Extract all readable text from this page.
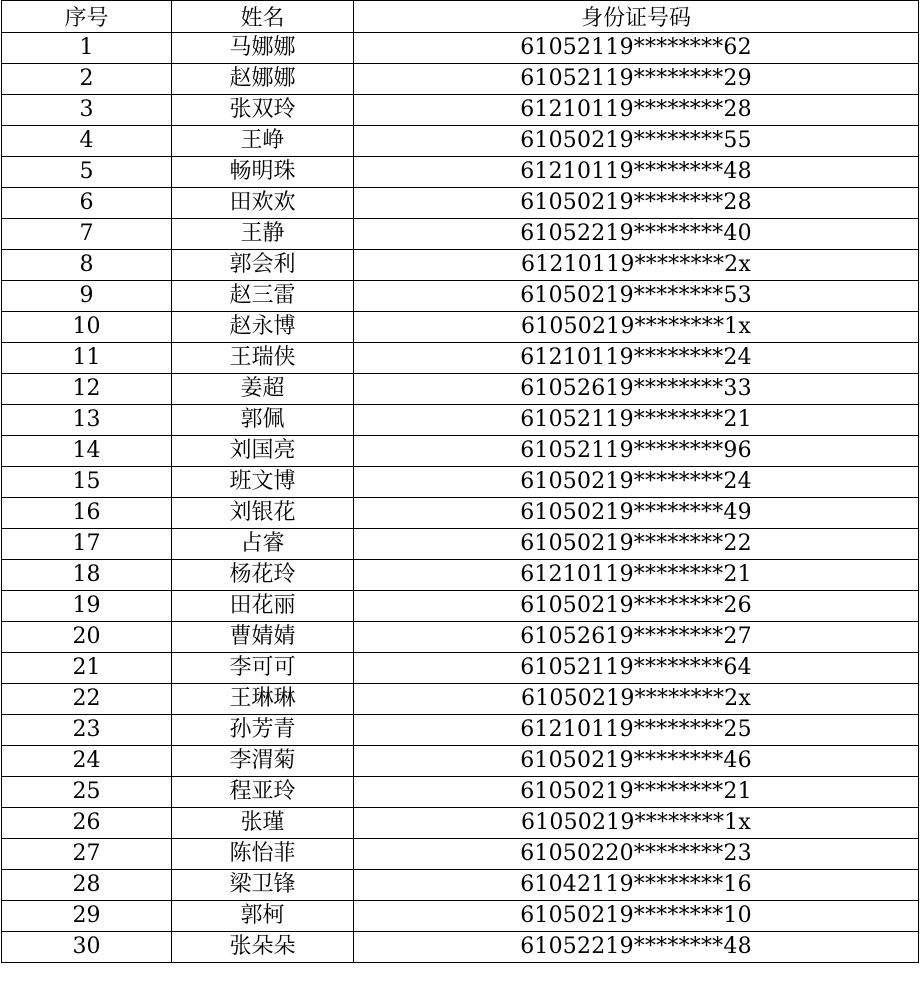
序号	姓名	身份证号码
1	马娜娜	61052119********62
2	赵娜娜	61052119********29
3	张双玲	61210119********28
4	王峥	61050219********55
5	畅明珠	61210119********48
6	田欢欢	61050219********28
7	王静	61052219********40
8	郭会利	61210119********2x
9	赵三雷	61050219********53
10	赵永博	61050219********1x
11	王瑞侠	61210119********24
12	姜超	61052619********33
13	郭佩	61052119********21
14	刘国亮	61052119********96
15	班文博	61050219********24
16	刘银花	61050219********49
17	占睿	61050219********22
18	杨花玲	61210119********21
19	田花丽	61050219********26
20	曹婧婧	61052619********27
21	李可可	61052119********64
22	王琳琳	61050219********2x
23	孙芳青	61210119********25
24	李渭菊	61050219********46
25	程亚玲	61050219********21
26	张瑾	61050219********1x
27	陈怡菲	61050220********23
28	梁卫锋	61042119********16
29	郭柯	61050219********10
30	张朵朵	61052219********48
